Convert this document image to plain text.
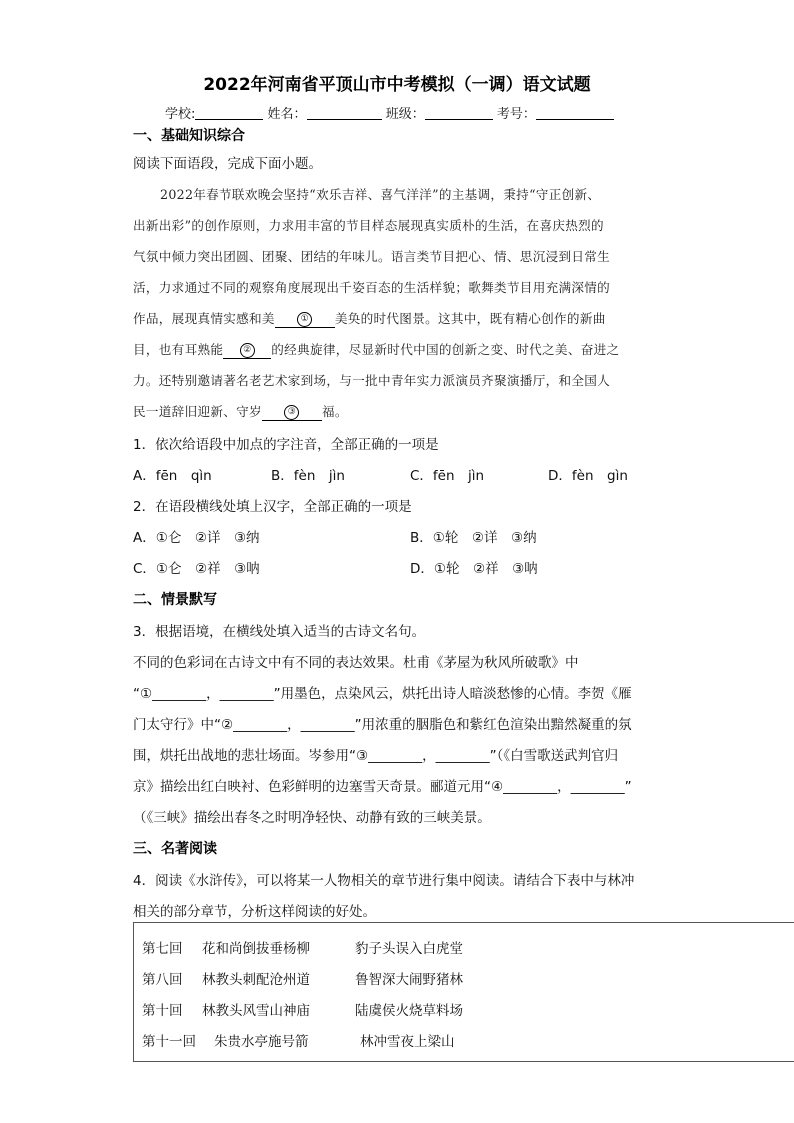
2022年河南省平顶山市中考模拟（一调）语文试题
学校:	姓名：	班级：	考号：
一、基础知识综合
阅读下面语段，完成下面小题。
2022年春节联欢晚会坚持“欢乐吉祥、喜气洋洋”的主基调，秉持“守正创新、
出新出彩”的创作原则，力求用丰富的节目样态展现真实质朴的生活，在喜庆热烈的
气氛中倾力突出团圆、团聚、团结的年味儿。语言类节目把心、情、思沉浸到日常生
活，力求通过不同的观察角度展现出千姿百态的生活样貌；歌舞类节目用充满深情的
作品，展现真情实感和美	① 美奂的时代图景。这其中，既有精心创作的新曲
目，也有耳熟能 ② 的经典旋律，尽显新时代中国的创新之变、时代之美、奋进之
力。还特别邀请著名老艺术家到场，与一批中青年实力派演员齐聚演播厅，和全国人
民一道辞旧迎新、守岁	③ 福。
1．依次给语段中加点的字注音，全部正确的一项是
A．fēn　qìn	B．fèn　jìn	C．fēn　jìn	D．fèn　gìn
2．在语段横线处填上汉字，全部正确的一项是
A．①仑　②详　③纳	B．①轮　②详　③纳
C．①仑　②祥　③呐	D．①轮　②祥　③呐
二、情景默写
3．根据语境，在横线处填入适当的古诗文名句。
不同的色彩词在古诗文中有不同的表达效果。杜甫《茅屋为秋风所破歌》中
“①________，________”用墨色，点染风云，烘托出诗人暗淡愁惨的心情。李贺《雁
门太守行》中“②________，________”用浓重的胭脂色和紫红色渲染出黯然凝重的氛
围，烘托出战地的悲壮场面。岑参用“③________，________”（《白雪歌送武判官归
京》描绘出红白映衬、色彩鲜明的边塞雪天奇景。郦道元用“④________，________”
（《三峡》描绘出春冬之时明净轻快、动静有致的三峡美景。
三、名著阅读
4．阅读《水浒传》，可以将某一人物相关的章节进行集中阅读。请结合下表中与林冲
相关的部分章节，分析这样阅读的好处。
第七回 花和尚倒拔垂杨柳	豹子头误入白虎堂
第八回 林教头刺配沧州道	鲁智深大闹野猪林
第十回 林教头风雪山神庙	陆虞侯火烧草料场
第十一回 朱贵水亭施号箭	林冲雪夜上梁山
